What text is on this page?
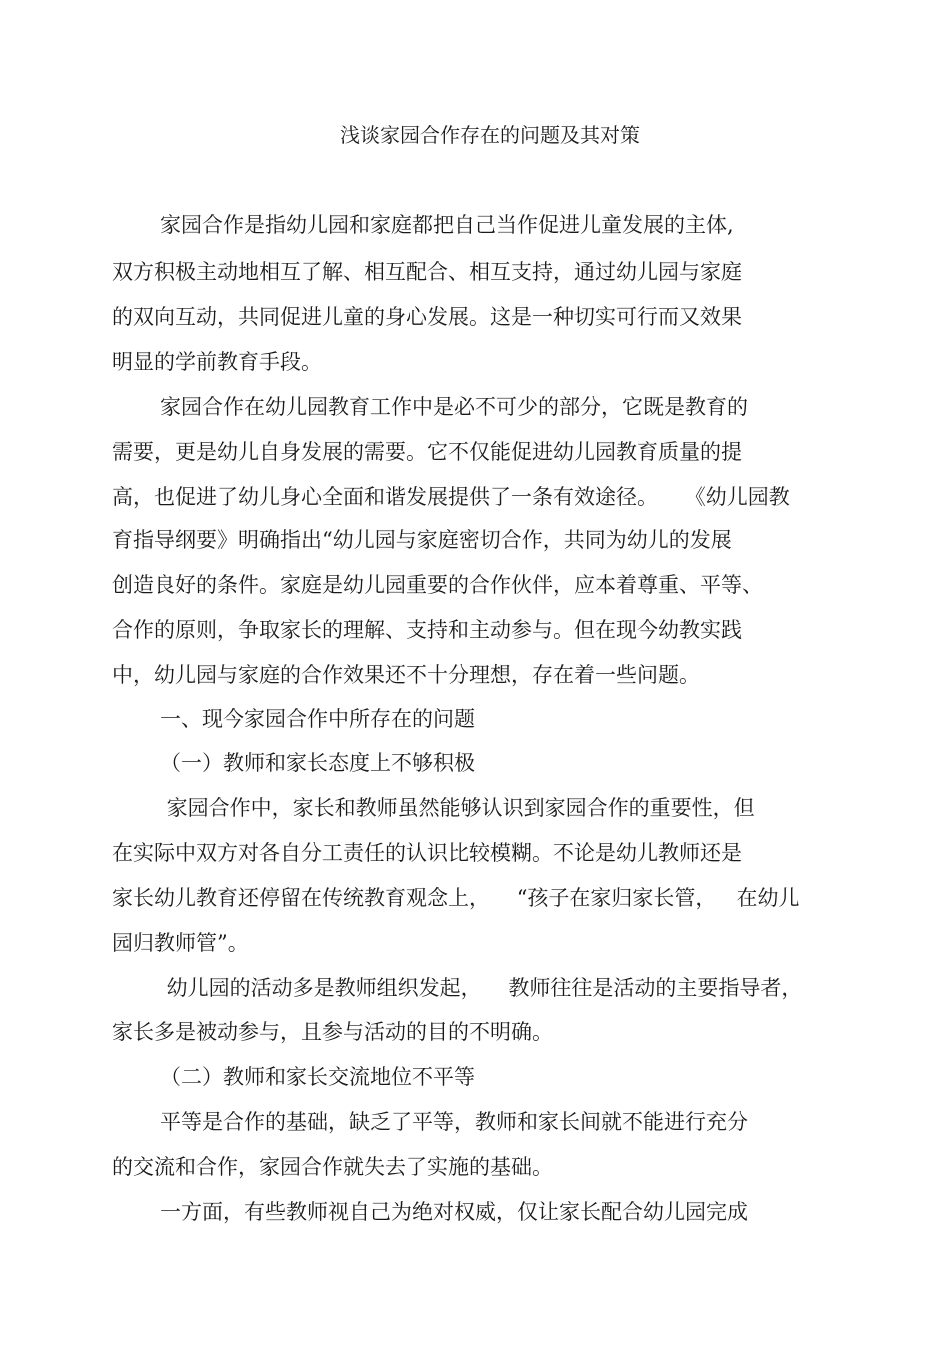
浅谈家园合作存在的问题及其对策

家园合作是指幼儿园和家庭都把自己当作促进儿童发展的主体,

双方积极主动地相互了解、相互配合、相互支持，通过幼儿园与家庭

的双向互动，共同促进儿童的身心发展。这是一种切实可行而又效果

明显的学前教育手段。

家园合作在幼儿园教育工作中是必不可少的部分，它既是教育的

需要，更是幼儿自身发展的需要。它不仅能促进幼儿园教育质量的提

高，也促进了幼儿身心全面和谐发展提供了一条有效途径。    《幼儿园教

育指导纲要》明确指出“幼儿园与家庭密切合作，共同为幼儿的发展

创造良好的条件。家庭是幼儿园重要的合作伙伴，应本着尊重、平等、

合作的原则，争取家长的理解、支持和主动参与。但在现今幼教实践

中，幼儿园与家庭的合作效果还不十分理想，存在着一些问题。

一、现今家园合作中所存在的问题

（一）教师和家长态度上不够积极

家园合作中，家长和教师虽然能够认识到家园合作的重要性，但

在实际中双方对各自分工责任的认识比较模糊。不论是幼儿教师还是

家长幼儿教育还停留在传统教育观念上，    “孩子在家归家长管，   在幼儿

园归教师管”。

幼儿园的活动多是教师组织发起，    教师往往是活动的主要指导者，

家长多是被动参与，且参与活动的目的不明确。

（二）教师和家长交流地位不平等

平等是合作的基础，缺乏了平等，教师和家长间就不能进行充分

的交流和合作，家园合作就失去了实施的基础。

一方面，有些教师视自己为绝对权威，仅让家长配合幼儿园完成
